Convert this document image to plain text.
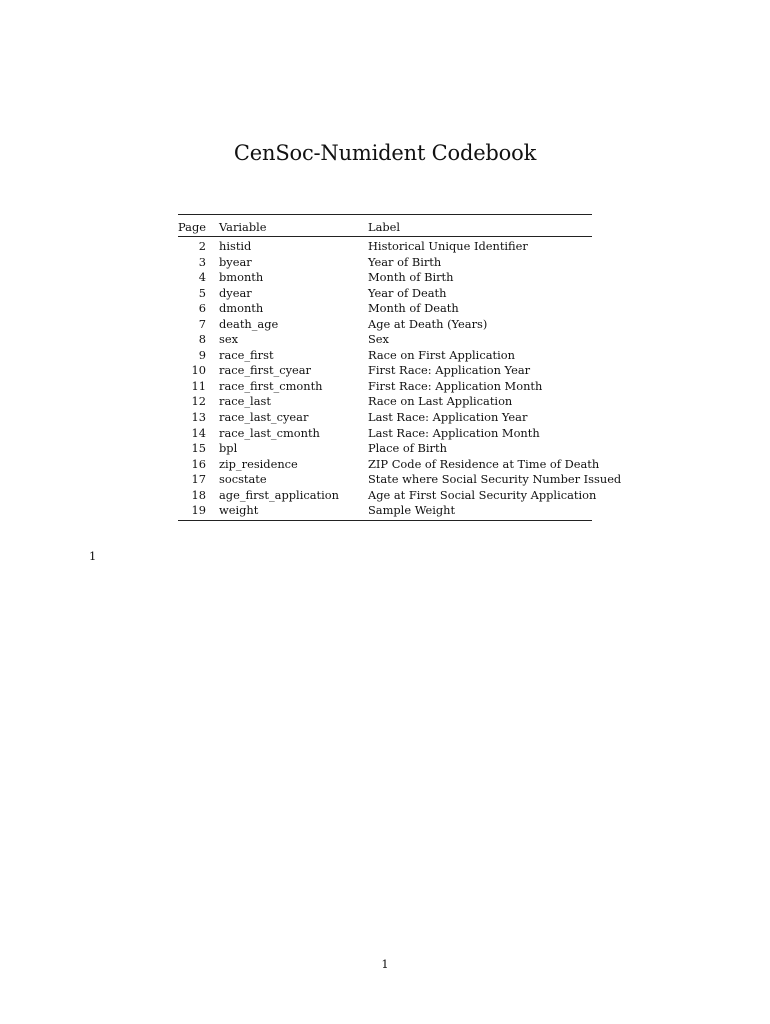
CenSoc-Numident Codebook
Page	Variable	Label
2	histid	Historical Unique Identifier
3	byear	Year of Birth
4	bmonth	Month of Birth
5	dyear	Year of Death
6	dmonth	Month of Death
7	death_age	Age at Death (Years)
8	sex	Sex
9	race_first	Race on First Application
10	race_first_cyear	First Race: Application Year
11	race_first_cmonth	First Race: Application Month
12	race_last	Race on Last Application
13	race_last_cyear	Last Race: Application Year
14	race_last_cmonth	Last Race: Application Month
15	bpl	Place of Birth
16	zip_residence	ZIP Code of Residence at Time of Death
17	socstate	State where Social Security Number Issued
18	age_first_application	Age at First Social Security Application
19	weight	Sample Weight
1
1
